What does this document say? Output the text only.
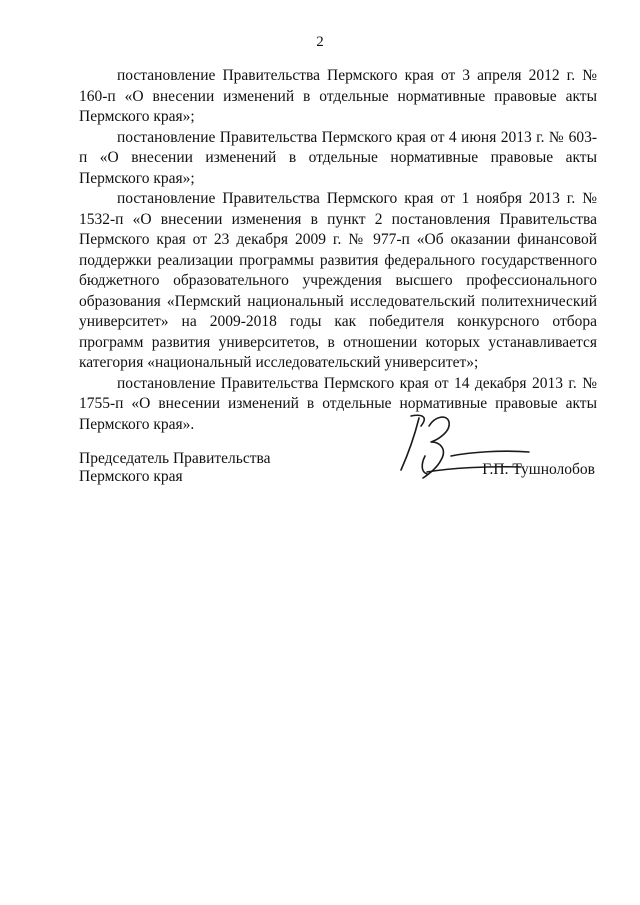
2

постановление Правительства Пермского края от 3 апреля 2012 г. № 160-п «О внесении изменений в отдельные нормативные правовые акты Пермского края»;

постановление Правительства Пермского края от 4 июня 2013 г. № 603-п «О внесении изменений в отдельные нормативные правовые акты Пермского края»;

постановление Правительства Пермского края от 1 ноября 2013 г. № 1532-п «О внесении изменения в пункт 2 постановления Правительства Пермского края от 23 декабря 2009 г. № 977-п «Об оказании финансовой поддержки реализации программы развития федерального государственного бюджетного образовательного учреждения высшего профессионального образования «Пермский национальный исследовательский политехнический университет» на 2009-2018 годы как победителя конкурсного отбора программ развития университетов, в отношении которых устанавливается категория «национальный исследовательский университет»;

постановление Правительства Пермского края от 14 декабря 2013 г. № 1755-п «О внесении изменений в отдельные нормативные правовые акты Пермского края».

Председатель Правительства
Пермского края	Г.П. Тушнолобов
